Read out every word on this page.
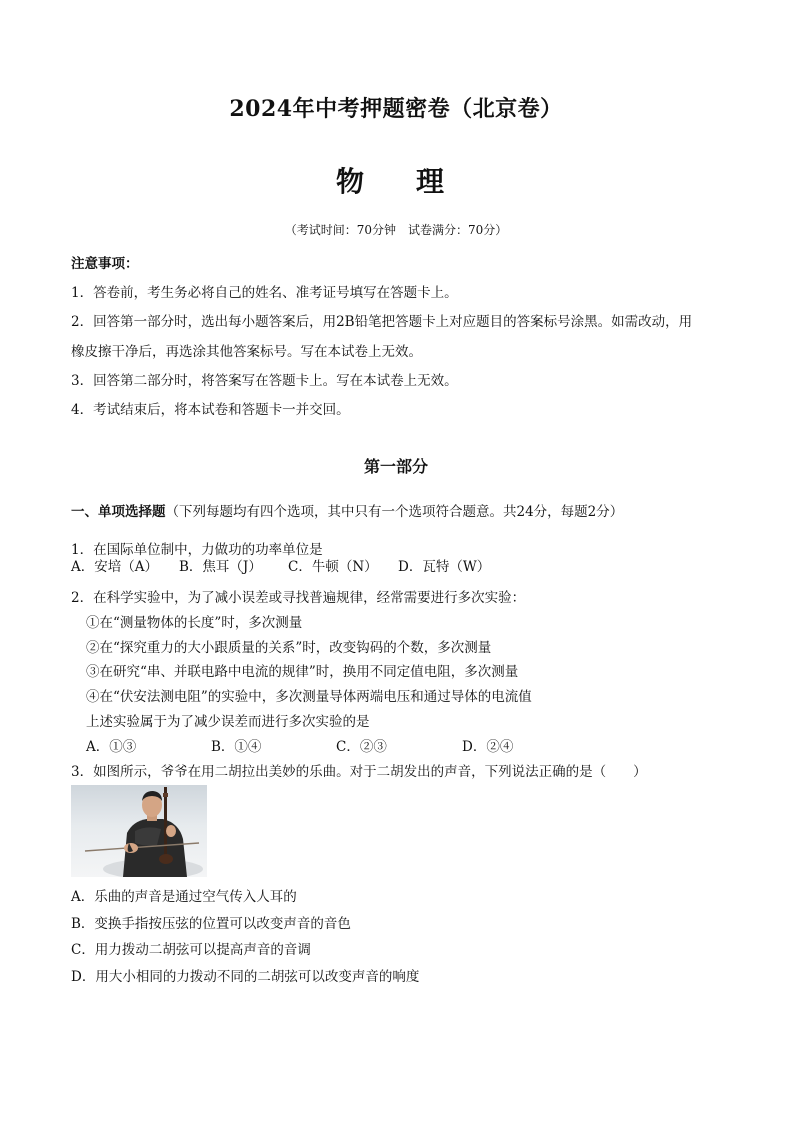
2024年中考押题密卷（北京卷）
物　理
（考试时间：70分钟　试卷满分：70分）
注意事项：
1．答卷前，考生务必将自己的姓名、准考证号填写在答题卡上。
2．回答第一部分时，选出每小题答案后，用2B铅笔把答题卡上对应题目的答案标号涂黑。如需改动，用
橡皮擦干净后，再选涂其他答案标号。写在本试卷上无效。
3．回答第二部分时，将答案写在答题卡上。写在本试卷上无效。
4．考试结束后，将本试卷和答题卡一并交回。
第一部分
一、单项选择题（下列每题均有四个选项，其中只有一个选项符合题意。共24分，每题2分）
1．在国际单位制中，力做功的功率单位是
A．安培（A） B．焦耳（J） C．牛顿（N） D．瓦特（W）
2．在科学实验中，为了减小误差或寻找普遍规律，经常需要进行多次实验：
①在“测量物体的长度”时，多次测量
②在“探究重力的大小跟质量的关系”时，改变钩码的个数，多次测量
③在研究“串、并联电路中电流的规律”时，换用不同定值电阻，多次测量
④在“伏安法测电阻”的实验中，多次测量导体两端电压和通过导体的电流值
上述实验属于为了减少误差而进行多次实验的是
A．①③	B．①④	C．②③	D．②④
3．如图所示，爷爷在用二胡拉出美妙的乐曲。对于二胡发出的声音，下列说法正确的是（　　）
A．乐曲的声音是通过空气传入人耳的
B．变换手指按压弦的位置可以改变声音的音色
C．用力拨动二胡弦可以提高声音的音调
D．用大小相同的力拨动不同的二胡弦可以改变声音的响度
